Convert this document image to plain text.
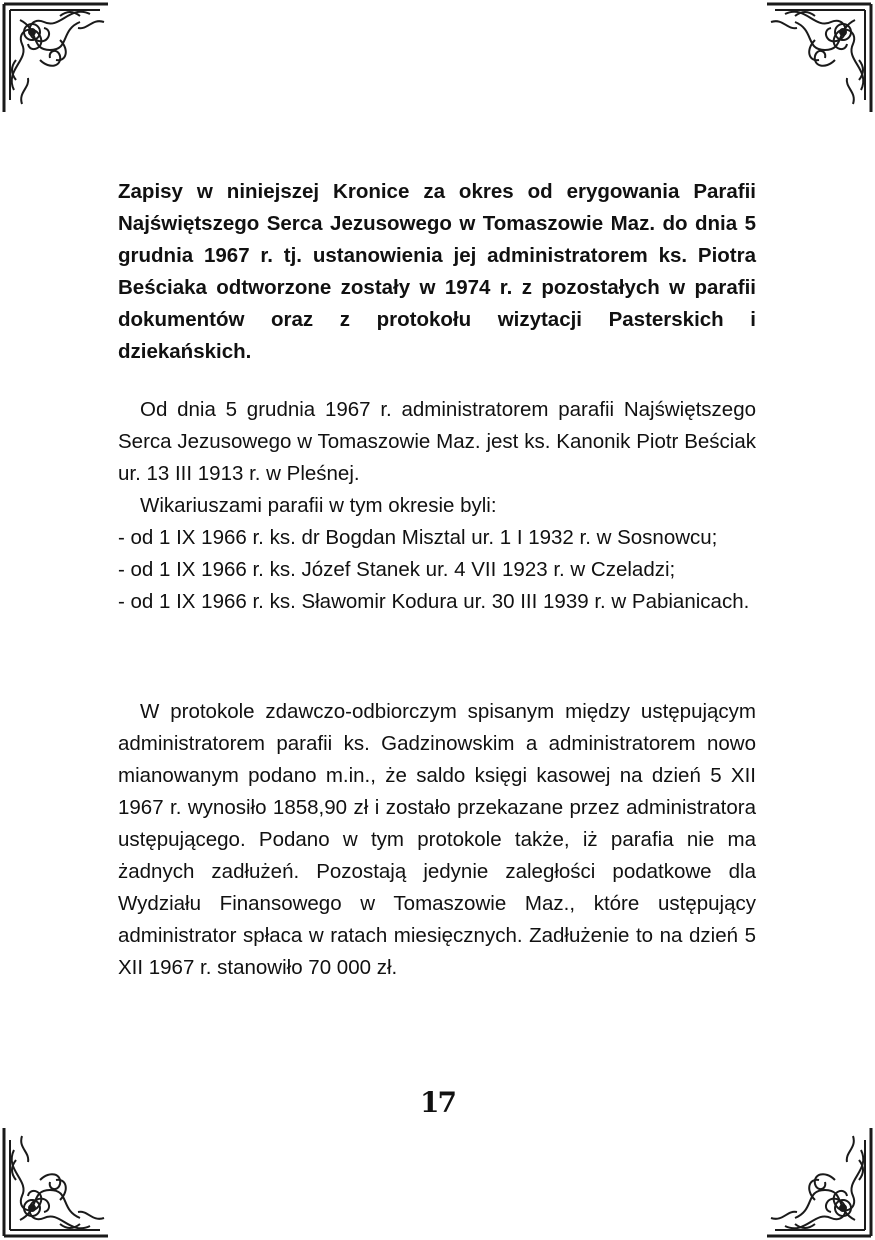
Zapisy w niniejszej Kronice za okres od erygowania Parafii Najświętszego Serca Jezusowego w Tomaszowie Maz. do dnia 5 grudnia 1967 r. tj. ustanowienia jej administratorem ks. Piotra Beściaka odtworzone zostały w 1974 r. z pozostałych w parafii dokumentów oraz z protokołu wizytacji Pasterskich i dziekańskich.

Od dnia 5 grudnia 1967 r. administratorem parafii Najświętszego Serca Jezusowego w Tomaszowie Maz. jest ks. Kanonik Piotr Beściak ur. 13 III 1913 r. w Pleśnej.

Wikariuszami parafii w tym okresie byli:

- od 1 IX 1966 r. ks. dr Bogdan Misztal ur. 1 I 1932 r. w Sosnowcu;

- od 1 IX 1966 r. ks. Józef Stanek ur. 4 VII 1923 r. w Czeladzi;

- od 1 IX 1966 r. ks. Sławomir Kodura ur. 30 III 1939 r. w Pabianicach.

W protokole zdawczo-odbiorczym spisanym między ustępującym administratorem parafii ks. Gadzinowskim a administratorem nowo mianowanym podano m.in., że saldo księgi kasowej na dzień 5 XII 1967 r. wynosiło 1858,90 zł i zostało przekazane przez administratora ustępującego. Podano w tym protokole także, iż parafia nie ma żadnych zadłużeń. Pozostają jedynie zaległości podatkowe dla Wydziału Finansowego w Tomaszowie Maz., które ustępujący administrator spłaca w ratach miesięcznych. Zadłużenie to na dzień 5 XII 1967 r. stanowiło 70 000 zł.

17
